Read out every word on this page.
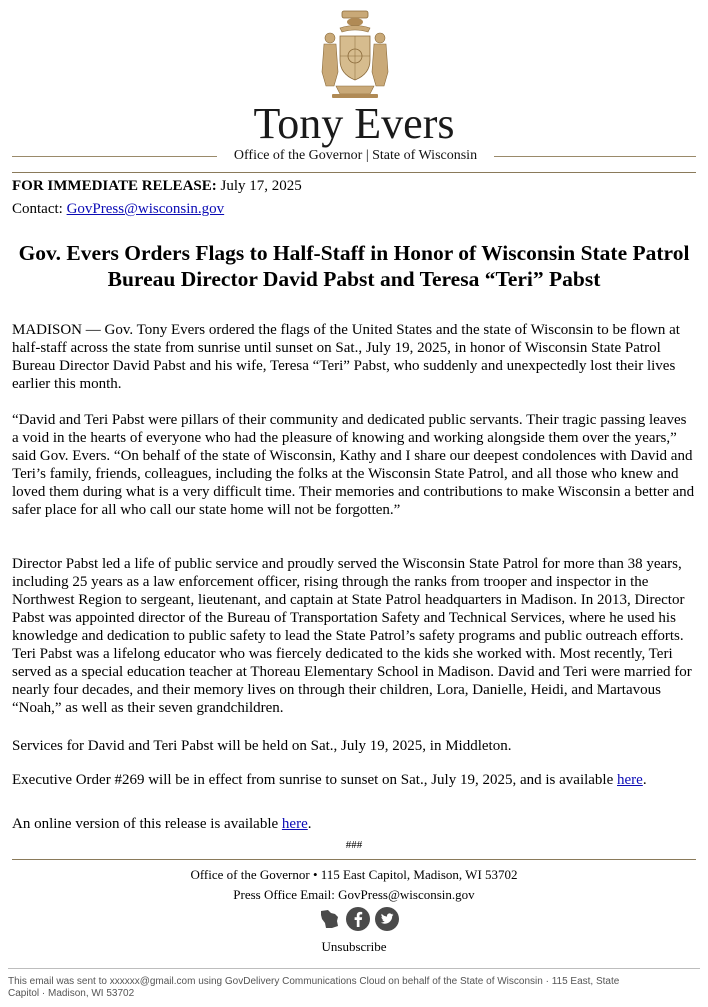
Tony Evers
Office of the Governor | State of Wisconsin
FOR IMMEDIATE RELEASE: July 17, 2025
Contact: GovPress@wisconsin.gov
Gov. Evers Orders Flags to Half-Staff in Honor of Wisconsin State Patrol Bureau Director David Pabst and Teresa “Teri” Pabst

MADISON — Gov. Tony Evers ordered the flags of the United States and the state of Wisconsin to be flown at half-staff across the state from sunrise until sunset on Sat., July 19, 2025, in honor of Wisconsin State Patrol Bureau Director David Pabst and his wife, Teresa “Teri” Pabst, who suddenly and unexpectedly lost their lives earlier this month.

“David and Teri Pabst were pillars of their community and dedicated public servants. Their tragic passing leaves a void in the hearts of everyone who had the pleasure of knowing and working alongside them over the years,” said Gov. Evers. “On behalf of the state of Wisconsin, Kathy and I share our deepest condolences with David and Teri’s family, friends, colleagues, including the folks at the Wisconsin State Patrol, and all those who knew and loved them during what is a very difficult time. Their memories and contributions to make Wisconsin a better and safer place for all who call our state home will not be forgotten.”

Director Pabst led a life of public service and proudly served the Wisconsin State Patrol for more than 38 years, including 25 years as a law enforcement officer, rising through the ranks from trooper and inspector in the Northwest Region to sergeant, lieutenant, and captain at State Patrol headquarters in Madison. In 2013, Director Pabst was appointed director of the Bureau of Transportation Safety and Technical Services, where he used his knowledge and dedication to public safety to lead the State Patrol’s safety programs and public outreach efforts. Teri Pabst was a lifelong educator who was fiercely dedicated to the kids she worked with. Most recently, Teri served as a special education teacher at Thoreau Elementary School in Madison. David and Teri were married for nearly four decades, and their memory lives on through their children, Lora, Danielle, Heidi, and Martavous “Noah,” as well as their seven grandchildren.

Services for David and Teri Pabst will be held on Sat., July 19, 2025, in Middleton.

Executive Order #269 will be in effect from sunrise to sunset on Sat., July 19, 2025, and is available here.

An online version of this release is available here.

###
Office of the Governor • 115 East Capitol, Madison, WI 53702
Press Office Email: GovPress@wisconsin.gov
Unsubscribe
This email was sent to xxxxxx@gmail.com using GovDelivery Communications Cloud on behalf of the State of Wisconsin · 115 East, State Capitol · Madison, WI 53702
